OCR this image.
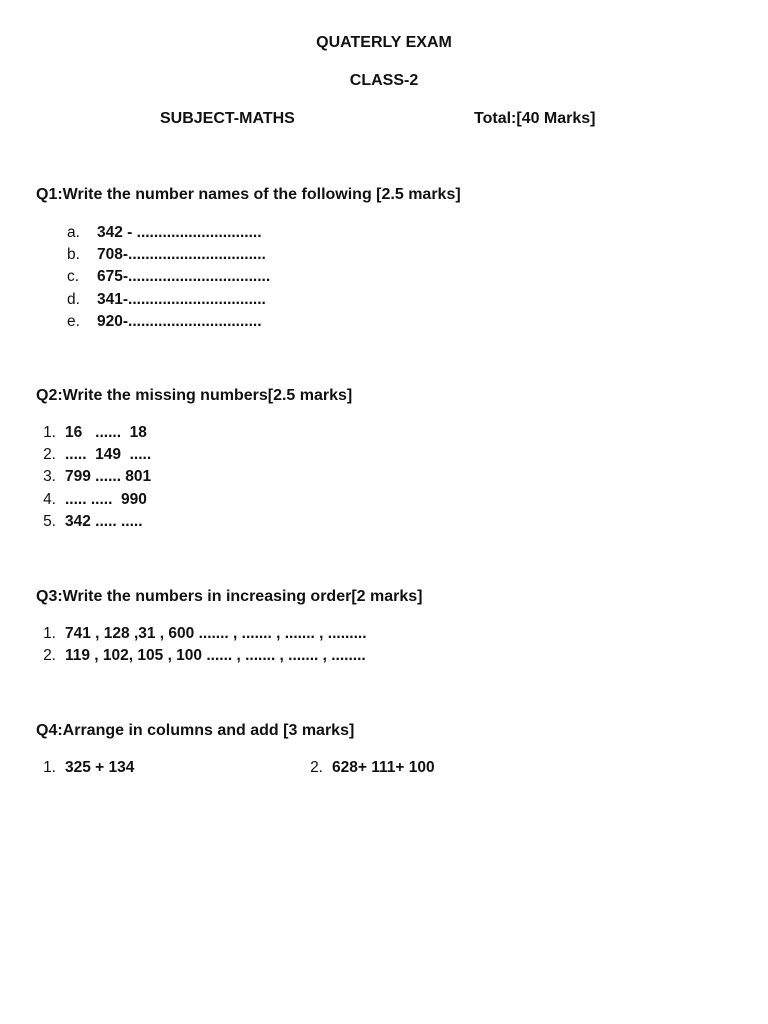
QUATERLY EXAM
CLASS-2
SUBJECT-MATHS	Total:[40 Marks]
Q1:Write the number names of the following [2.5 marks]
a.	342 - .............................
b.	708-................................
c.	675-.................................
d.	341-................................
e.	920-...............................
Q2:Write the missing numbers[2.5 marks]
1. 16   ......  18
2. .....  149  .....
3. 799 ...... 801
4. ..... .....  990
5. 342 ..... .....
Q3:Write the numbers in increasing order[2 marks]
1. 741 , 128 ,31 , 600 ....... , ....... , ....... , .........
2. 119 , 102, 105 , 100 ...... , ....... , ....... , ........
Q4:Arrange in columns and add [3 marks]
1. 325 + 134	2. 628+ 111+ 100
